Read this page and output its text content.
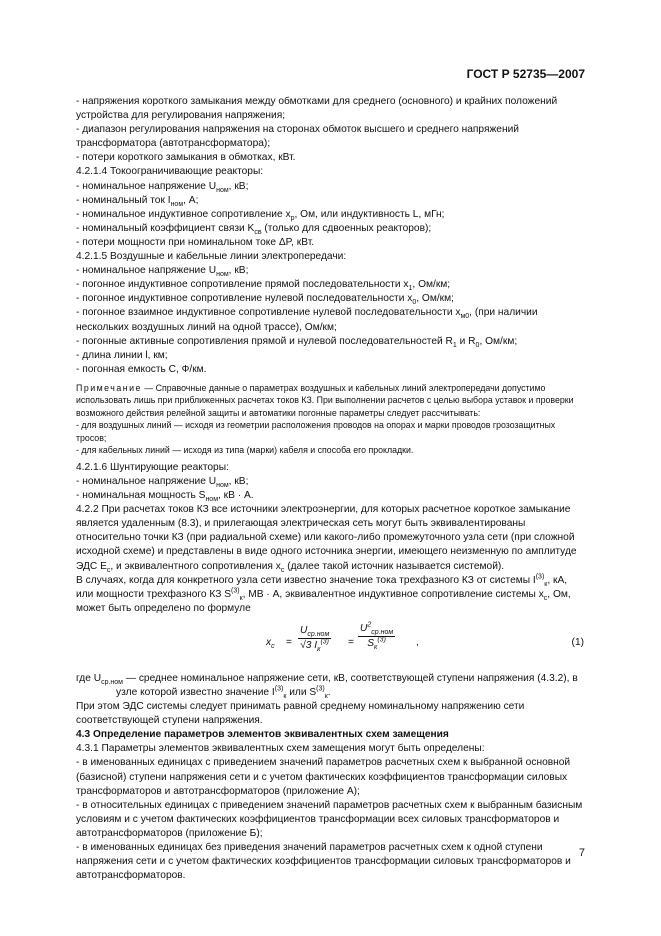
ГОСТ Р 52735—2007

- напряжения короткого замыкания между обмотками для среднего (основного) и крайних положений устройства для регулирования напряжения;

- диапазон регулирования напряжения на сторонах обмоток высшего и среднего напряжений трансформатора (автотрансформатора);

- потери короткого замыкания в обмотках, кВт.

4.2.1.4 Токоограничивающие реакторы:

- номинальное напряжение $U_{ном}$, кВ;

- номинальный ток $I_{ном}$, А;

- номинальное индуктивное сопротивление $x_р$, Ом, или индуктивность L, мГн;

- номинальный коэффициент связи $K_{св}$ (только для сдвоенных реакторов);

- потери мощности при номинальном токе ΔP, кВт.

4.2.1.5 Воздушные и кабельные линии электропередачи:

- номинальное напряжение $U_{ном}$, кВ;

- погонное индуктивное сопротивление прямой последовательности $x_1$, Ом/км;

- погонное индуктивное сопротивление нулевой последовательности $x_0$, Ом/км;

- погонное взаимное индуктивное сопротивление нулевой последовательности $x_{м0}$, (при наличии нескольких воздушных линий на одной трассе), Ом/км;

- погонные активные сопротивления прямой и нулевой последовательностей $R_1$ и $R_0$, Ом/км;

- длина линии l, км;

- погонная емкость C, Ф/км.

Примечание — Справочные данные о параметрах воздушных и кабельных линий электропередачи допустимо использовать лишь при приближенных расчетах токов КЗ. При выполнении расчетов с целью выбора уставок и проверки возможного действия релейной защиты и автоматики погонные параметры следует рассчитывать:

- для воздушных линий — исходя из геометрии расположения проводов на опорах и марки проводов грозозащитных тросов;

- для кабельных линий — исходя из типа (марки) кабеля и способа его прокладки.

4.2.1.6 Шунтирующие реакторы:

- номинальное напряжение $U_{ном}$, кВ;

- номинальная мощность $S_{ном}$, кВ · А.

4.2.2 При расчетах токов КЗ все источники электроэнергии, для которых расчетное короткое замыкание является удаленным (8.3), и прилегающая электрическая сеть могут быть эквивалентированы относительно точки КЗ (при радиальной схеме) или какого-либо промежуточного узла сети (при сложной исходной схеме) и представлены в виде одного источника энергии, имеющего неизменную по амплитуде ЭДС $E_с$, и эквивалентного сопротивления $x_с$ (далее такой источник называется системой).

В случаях, когда для конкретного узла сети известно значение тока трехфазного КЗ от системы $I^{(3)}_к$, кА, или мощности трехфазного КЗ $S^{(3)}_к$, МВ · А, эквивалентное индуктивное сопротивление системы $x_с$, Ом, может быть определено по формуле

$x_с$ =
$U_{ср.ном}$
√3 $I_к^{(3)}$ =
$U^2_{ср.ном}$
$S_к^{(3)}$	,	(1)

где $U_{ср.ном}$ — среднее номинальное напряжение сети, кВ, соответствующей ступени напряжения (4.3.2), в узле которой известно значение $I^{(3)}_к$ или $S^{(3)}_к$.

При этом ЭДС системы следует принимать равной среднему номинальному напряжению сети соответствующей ступени напряжения.

4.3 Определение параметров элементов эквивалентных схем замещения

4.3.1 Параметры элементов эквивалентных схем замещения могут быть определены:

- в именованных единицах с приведением значений параметров расчетных схем к выбранной основной (базисной) ступени напряжения сети и с учетом фактических коэффициентов трансформации силовых трансформаторов и автотрансформаторов (приложение А);

- в относительных единицах с приведением значений параметров расчетных схем к выбранным базисным условиям и с учетом фактических коэффициентов трансформации всех силовых трансформаторов и автотрансформаторов (приложение Б);

- в именованных единицах без приведения значений параметров расчетных схем к одной ступени напряжения сети и с учетом фактических коэффициентов трансформации силовых трансформаторов и автотрансформаторов.

7
